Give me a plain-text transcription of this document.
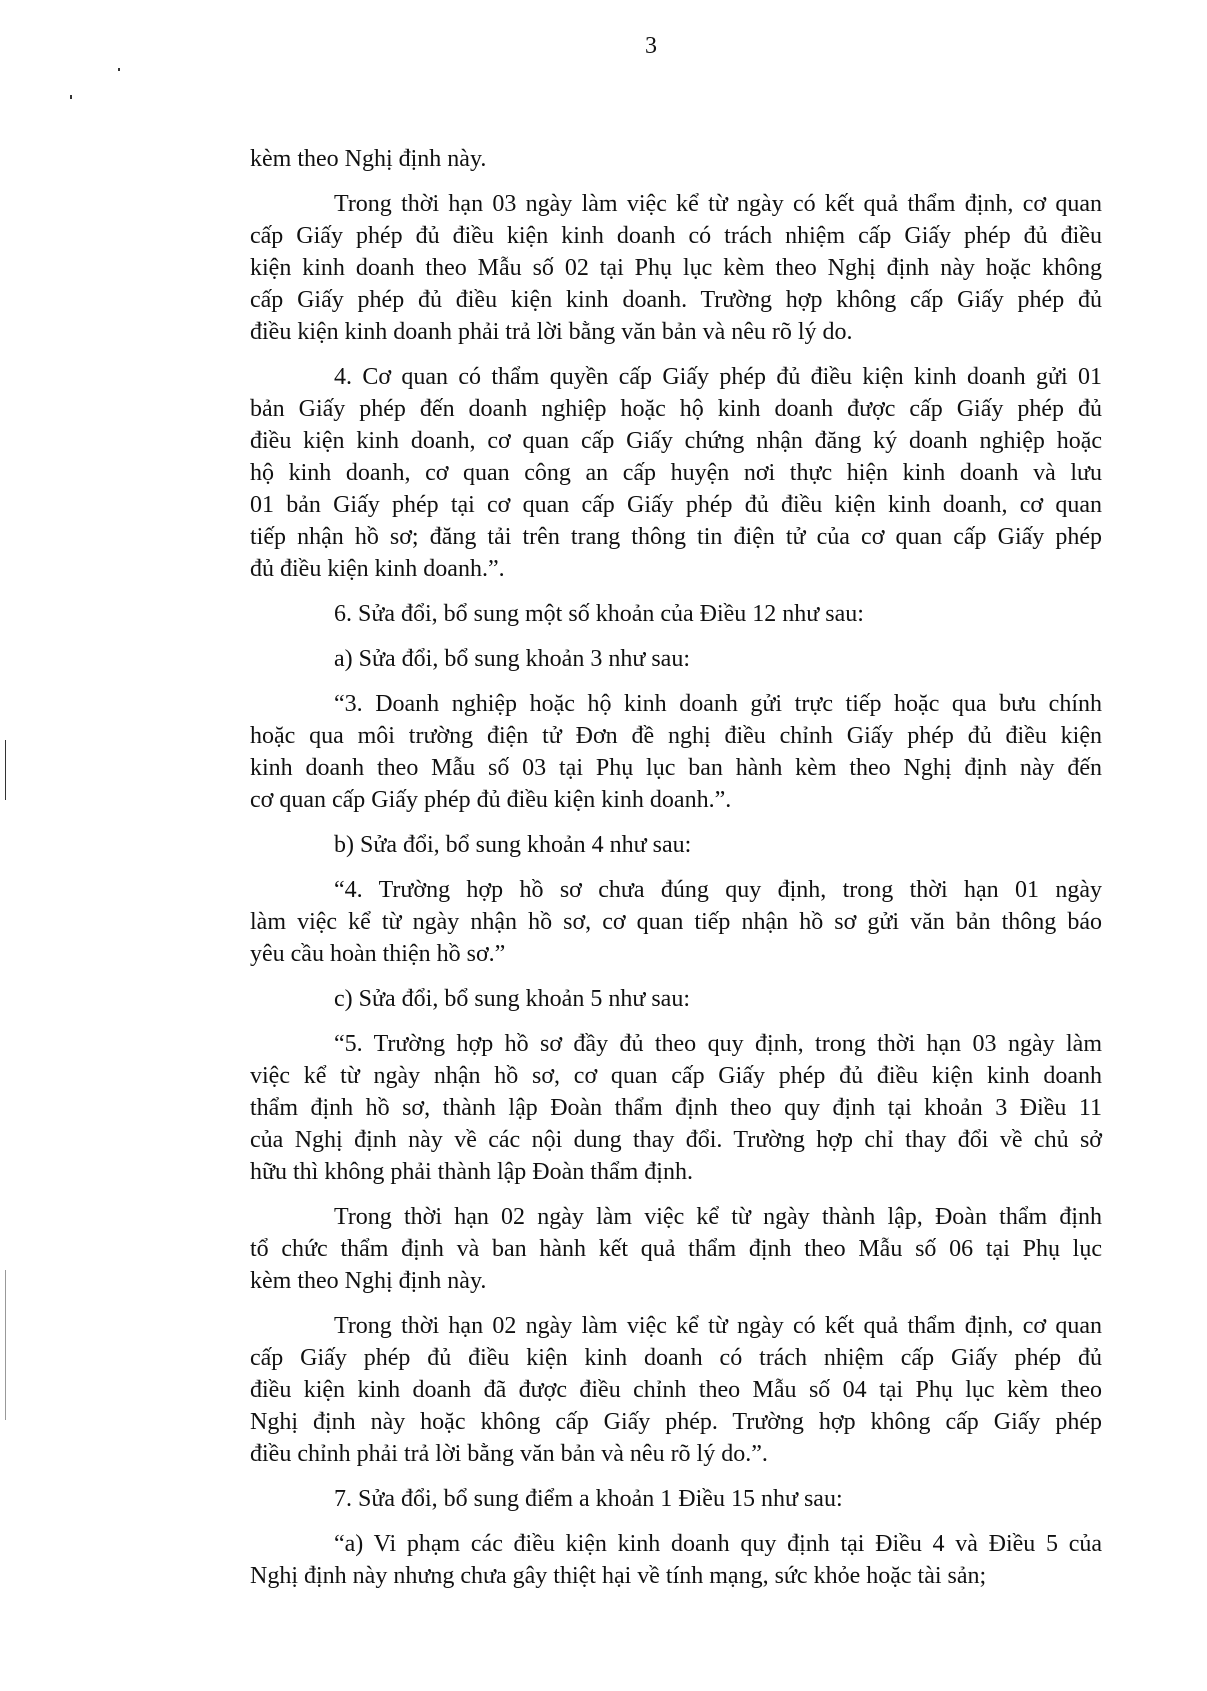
3
kèm theo Nghị định này.
Trong thời hạn 03 ngày làm việc kể từ ngày có kết quả thẩm định, cơ quan
cấp Giấy phép đủ điều kiện kinh doanh có trách nhiệm cấp Giấy phép đủ điều
kiện kinh doanh theo Mẫu số 02 tại Phụ lục kèm theo Nghị định này hoặc không
cấp Giấy phép đủ điều kiện kinh doanh. Trường hợp không cấp Giấy phép đủ
điều kiện kinh doanh phải trả lời bằng văn bản và nêu rõ lý do.
4. Cơ quan có thẩm quyền cấp Giấy phép đủ điều kiện kinh doanh gửi 01
bản Giấy phép đến doanh nghiệp hoặc hộ kinh doanh được cấp Giấy phép đủ
điều kiện kinh doanh, cơ quan cấp Giấy chứng nhận đăng ký doanh nghiệp hoặc
hộ kinh doanh, cơ quan công an cấp huyện nơi thực hiện kinh doanh và lưu
01 bản Giấy phép tại cơ quan cấp Giấy phép đủ điều kiện kinh doanh, cơ quan
tiếp nhận hồ sơ; đăng tải trên trang thông tin điện tử của cơ quan cấp Giấy phép
đủ điều kiện kinh doanh.”.
6. Sửa đổi, bổ sung một số khoản của Điều 12 như sau:
a) Sửa đổi, bổ sung khoản 3 như sau:
“3. Doanh nghiệp hoặc hộ kinh doanh gửi trực tiếp hoặc qua bưu chính
hoặc qua môi trường điện tử Đơn đề nghị điều chỉnh Giấy phép đủ điều kiện
kinh doanh theo Mẫu số 03 tại Phụ lục ban hành kèm theo Nghị định này đến
cơ quan cấp Giấy phép đủ điều kiện kinh doanh.”.
b) Sửa đổi, bổ sung khoản 4 như sau:
“4. Trường hợp hồ sơ chưa đúng quy định, trong thời hạn 01 ngày
làm việc kể từ ngày nhận hồ sơ, cơ quan tiếp nhận hồ sơ gửi văn bản thông báo
yêu cầu hoàn thiện hồ sơ.”
c) Sửa đổi, bổ sung khoản 5 như sau:
“5. Trường hợp hồ sơ đầy đủ theo quy định, trong thời hạn 03 ngày làm
việc kể từ ngày nhận hồ sơ, cơ quan cấp Giấy phép đủ điều kiện kinh doanh
thẩm định hồ sơ, thành lập Đoàn thẩm định theo quy định tại khoản 3 Điều 11
của Nghị định này về các nội dung thay đổi. Trường hợp chỉ thay đổi về chủ sở
hữu thì không phải thành lập Đoàn thẩm định.
Trong thời hạn 02 ngày làm việc kể từ ngày thành lập, Đoàn thẩm định
tổ chức thẩm định và ban hành kết quả thẩm định theo Mẫu số 06 tại Phụ lục
kèm theo Nghị định này.
Trong thời hạn 02 ngày làm việc kể từ ngày có kết quả thẩm định, cơ quan
cấp Giấy phép đủ điều kiện kinh doanh có trách nhiệm cấp Giấy phép đủ
điều kiện kinh doanh đã được điều chỉnh theo Mẫu số 04 tại Phụ lục kèm theo
Nghị định này hoặc không cấp Giấy phép. Trường hợp không cấp Giấy phép
điều chỉnh phải trả lời bằng văn bản và nêu rõ lý do.”.
7. Sửa đổi, bổ sung điểm a khoản 1 Điều 15 như sau:
“a) Vi phạm các điều kiện kinh doanh quy định tại Điều 4 và Điều 5 của
Nghị định này nhưng chưa gây thiệt hại về tính mạng, sức khỏe hoặc tài sản;
